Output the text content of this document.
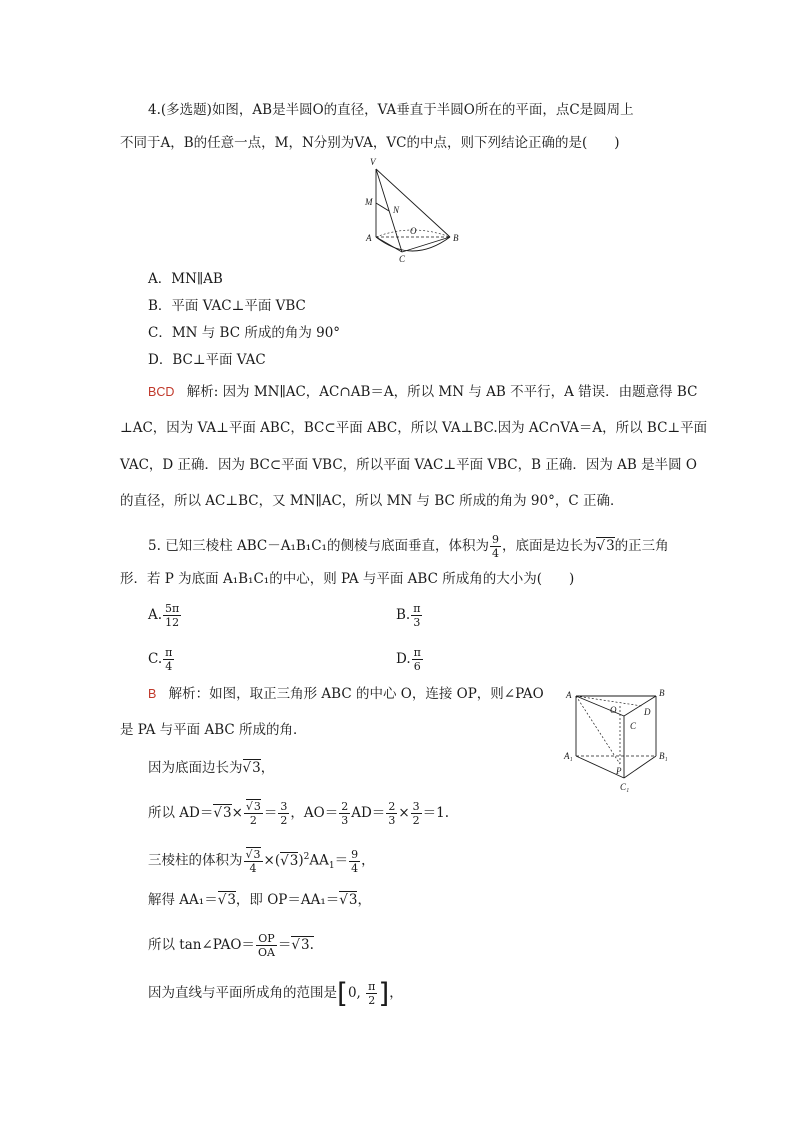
4.(多选题)如图，AB是半圆O的直径，VA垂直于半圆O所在的平面，点C是圆周上
不同于A，B的任意一点，M，N分别为VA，VC的中点，则下列结论正确的是(　　)
V
M
N
A
O
B
C
A．MN∥AB
B．平面 VAC⊥平面 VBC
C．MN 与 BC 所成的角为 90°
D．BC⊥平面 VAC
BCD 解析: 因为 MN∥AC，AC∩AB＝A，所以 MN 与 AB 不平行，A 错误．由题意得 BC
⊥AC，因为 VA⊥平面 ABC，BC⊂平面 ABC，所以 VA⊥BC.因为 AC∩VA＝A，所以 BC⊥平面
VAC，D 正确．因为 BC⊂平面 VBC，所以平面 VAC⊥平面 VBC，B 正确．因为 AB 是半圆 O
的直径，所以 AC⊥BC，又 MN∥AC，所以 MN 与 BC 所成的角为 90°，C 正确．
5. 已知三棱柱 ABC－A₁B₁C₁的侧棱与底面垂直，体积为 $\frac{9}{4}$ ，底面是边长为 √ 3的正三角
形．若 P 为底面 A₁B₁C₁的中心，则 PA 与平面 ABC 所成角的大小为(　　)
A. $\frac{5\pi}{12}$	B. $\frac{\pi}{3}$
C. $\frac{\pi}{4}$	D. $\frac{\pi}{6}$
B 解析：如图，取正三角形 ABC 的中心 O，连接 OP，则∠PAO
是 PA 与平面 ABC 所成的角．
A	B
O	D
C
A₁
P
B₁
C₁
因为底面边长为 √ 3，
所以 AD＝ √ 3× √ $\frac{3}{2} = \frac{3}{2}$ ，$AO= \frac{2}{3} AD= \frac{2}{3} \times \frac{3}{2} =1$.
三棱柱的体积为 √ $\frac{3}{4}$ ×( √ $3)^2AA_1= \frac{9}{4}$ ，
解得 AA₁＝ √ 3，即 OP＝AA₁＝ √ 3，
所以 tan∠PAO＝ $\frac{OP}{OA}$ ＝ √ 3.
因为直线与平面所成角的范围是[0, $\frac{\pi}{2}$ ]，
